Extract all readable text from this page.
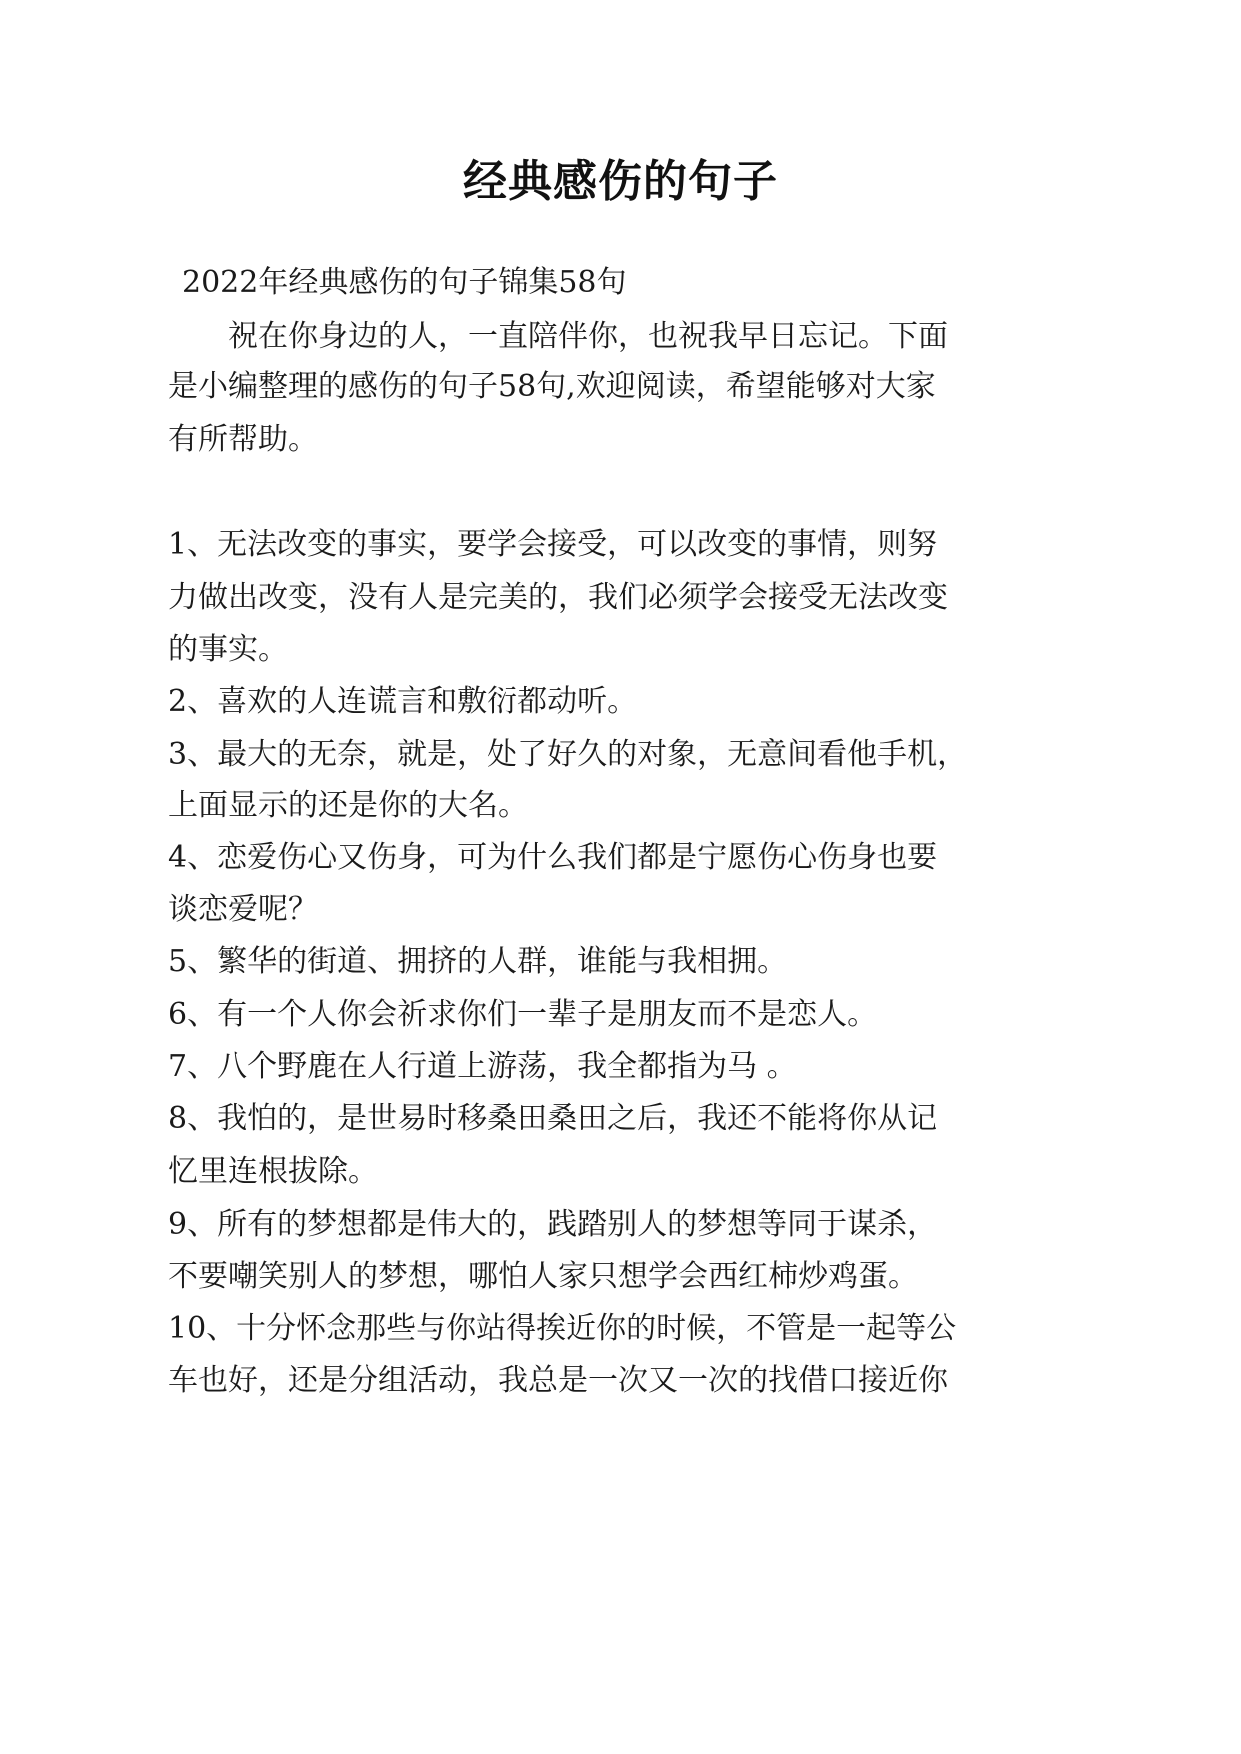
经典感伤的句子
2022年经典感伤的句子锦集58句
祝在你身边的人，一直陪伴你，也祝我早日忘记。下面
是小编整理的感伤的句子58句,欢迎阅读，希望能够对大家
有所帮助。
1、无法改变的事实，要学会接受，可以改变的事情，则努
力做出改变，没有人是完美的，我们必须学会接受无法改变
的事实。
2、喜欢的人连谎言和敷衍都动听。
3、最大的无奈，就是，处了好久的对象，无意间看他手机，
上面显示的还是你的大名。
4、恋爱伤心又伤身，可为什么我们都是宁愿伤心伤身也要
谈恋爱呢？
5、繁华的街道、拥挤的人群，谁能与我相拥。
6、有一个人你会祈求你们一辈子是朋友而不是恋人。
7、八个野鹿在人行道上游荡，我全都指为马 。
8、我怕的，是世易时移桑田桑田之后，我还不能将你从记
忆里连根拔除。
9、所有的梦想都是伟大的，践踏别人的梦想等同于谋杀，
不要嘲笑别人的梦想，哪怕人家只想学会西红柿炒鸡蛋。
10、十分怀念那些与你站得挨近你的时候，不管是一起等公
车也好，还是分组活动，我总是一次又一次的找借口接近你
